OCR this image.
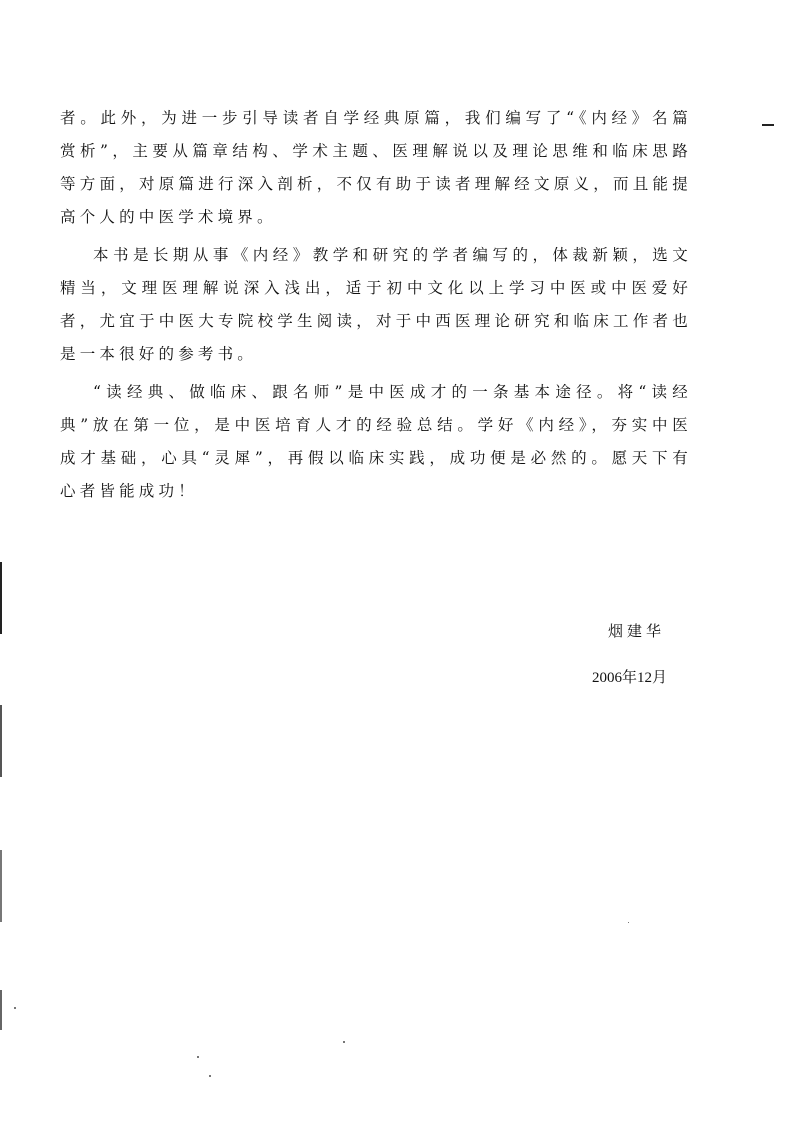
者。此外，为进一步引导读者自学经典原篇，我们编写了“《内经》名篇赏析”，主要从篇章结构、学术主题、医理解说以及理论思维和临床思路等方面，对原篇进行深入剖析，不仅有助于读者理解经文原义，而且能提高个人的中医学术境界。

本书是长期从事《内经》教学和研究的学者编写的，体裁新颖，选文精当，文理医理解说深入浅出，适于初中文化以上学习中医或中医爱好者，尤宜于中医大专院校学生阅读，对于中西医理论研究和临床工作者也是一本很好的参考书。

“读经典、做临床、跟名师”是中医成才的一条基本途径。将“读经典”放在第一位，是中医培育人才的经验总结。学好《内经》，夯实中医成才基础，心具“灵犀”，再假以临床实践，成功便是必然的。愿天下有心者皆能成功！

烟建华
2006年12月
